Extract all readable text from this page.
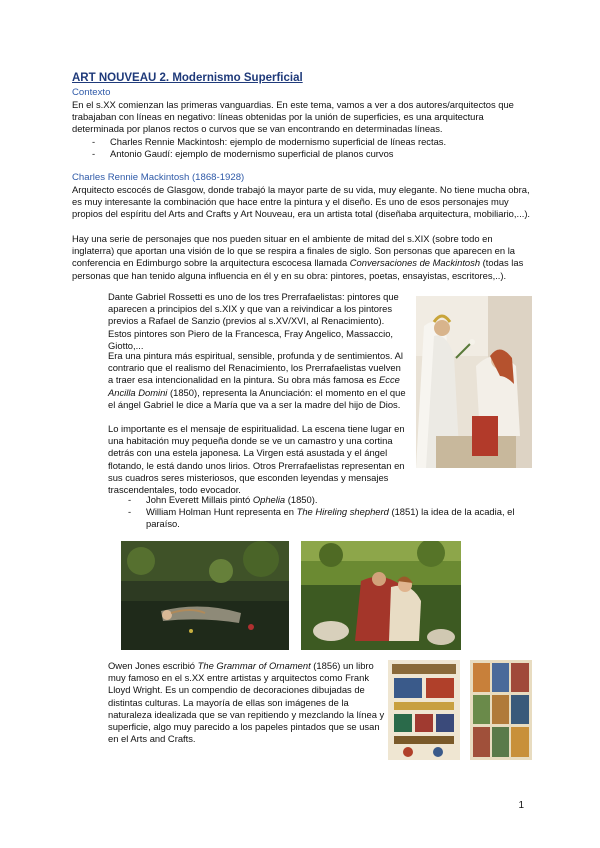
ART NOUVEAU 2. Modernismo Superficial
Contexto
En el s.XX comienzan las primeras vanguardias. En este tema, vamos a ver a dos autores/arquitectos que trabajaban con líneas en negativo: líneas obtenidas por la unión de superficies, es una arquitectura determinada por planos rectos o curvos que se van encontrando en determinadas líneas.
- Charles Rennie Mackintosh: ejemplo de modernismo superficial de líneas rectas.
- Antonio Gaudí: ejemplo de modernismo superficial de planos curvos
Charles Rennie Mackintosh (1868-1928)
Arquitecto escocés de Glasgow, donde trabajó la mayor parte de su vida, muy elegante. No tiene mucha obra, es muy interesante la combinación que hace entre la pintura y el diseño. Es uno de esos personajes muy propios del espíritu del Arts and Crafts y Art Nouveau, era un artista total (diseñaba arquitectura, mobiliario,...).
Hay una serie de personajes que nos pueden situar en el ambiente de mitad del s.XIX (sobre todo en inglaterra) que aportan una visión de lo que se respira a finales de siglo. Son personas que aparecen en la conferencia en Edimburgo sobre la arquitectura escocesa llamada Conversaciones de Mackintosh (todas las personas que han tenido alguna influencia en él y en su obra: pintores, poetas, ensayistas, escritores,..).
Dante Gabriel Rossetti es uno de los tres Prerrafaelistas: pintores que aparecen a principios del s.XIX y que van a reivindicar a los pintores previos a Rafael de Sanzio (previos al s.XV/XVI, al Renacimiento). Estos pintores son Piero de la Francesca, Fray Angelico, Massaccio, Giotto,...
Era una pintura más espiritual, sensible, profunda y de sentimientos. Al contrario que el realismo del Renacimiento, los Prerrafaelistas vuelven a traer esa intencionalidad en la pintura. Su obra más famosa es Ecce Ancilla Domini (1850), representa la Anunciación: el momento en el que el ángel Gabriel le dice a María que va a ser la madre del hijo de Dios.
Lo importante es el mensaje de espiritualidad. La escena tiene lugar en una habitación muy pequeña donde se ve un camastro y una cortina detrás con una estela japonesa. La Virgen está asustada y el ángel flotando, le está dando unos lirios. Otros Prerrafaelistas representan en sus cuadros seres misteriosos, que esconden leyendas y mensajes trascendentales, todo evocador.
- John Everett Millais pintó Ophelia (1850).
- William Holman Hunt representa en The Hireling shepherd (1851) la idea de la acadia, el paraíso.
Owen Jones escribió The Grammar of Ornament (1856) un libro muy famoso en el s.XX entre artistas y arquitectos como Frank Lloyd Wright. Es un compendio de decoraciones dibujadas de distintas culturas. La mayoría de ellas son imágenes de la naturaleza idealizada que se van repitiendo y mezclando la línea y superficie, algo muy parecido a los papeles pintados que se usan en el Arts and Crafts.
1
